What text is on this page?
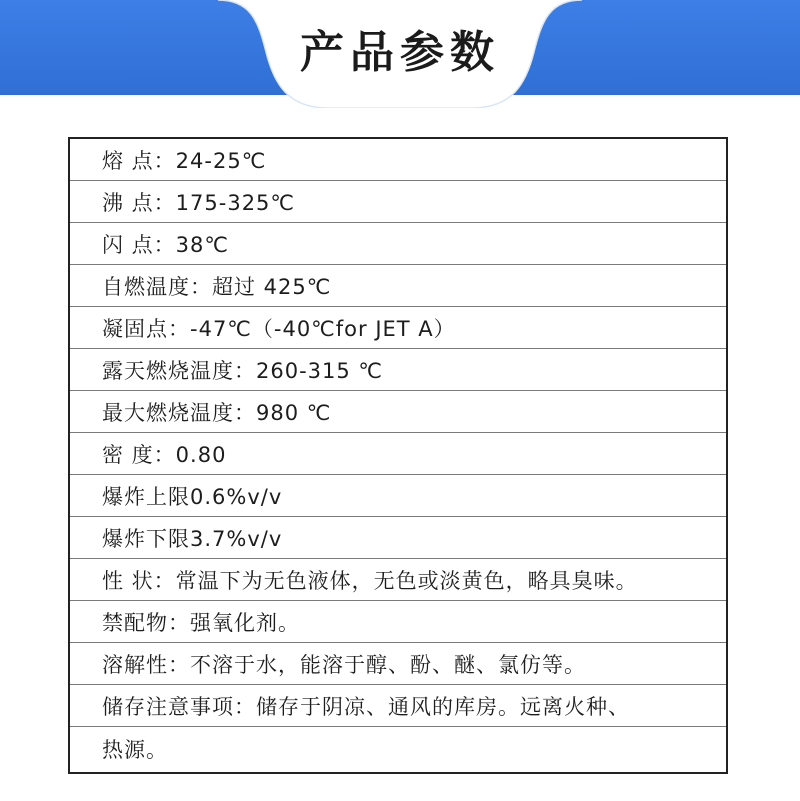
产品参数
熔 点：24-25℃
沸 点：175-325℃
闪 点：38℃
自燃温度：超过 425℃
凝固点：-47℃（-40℃for JET A）
露天燃烧温度：260-315 ℃
最大燃烧温度：980 ℃
密 度：0.80
爆炸上限0.6%v/v
爆炸下限3.7%v/v
性 状：常温下为无色液体，无色或淡黄色，略具臭味。
禁配物：强氧化剂。
溶解性：不溶于水，能溶于醇、酚、醚、氯仿等。
储存注意事项：储存于阴凉、通风的库房。远离火种、
热源。
